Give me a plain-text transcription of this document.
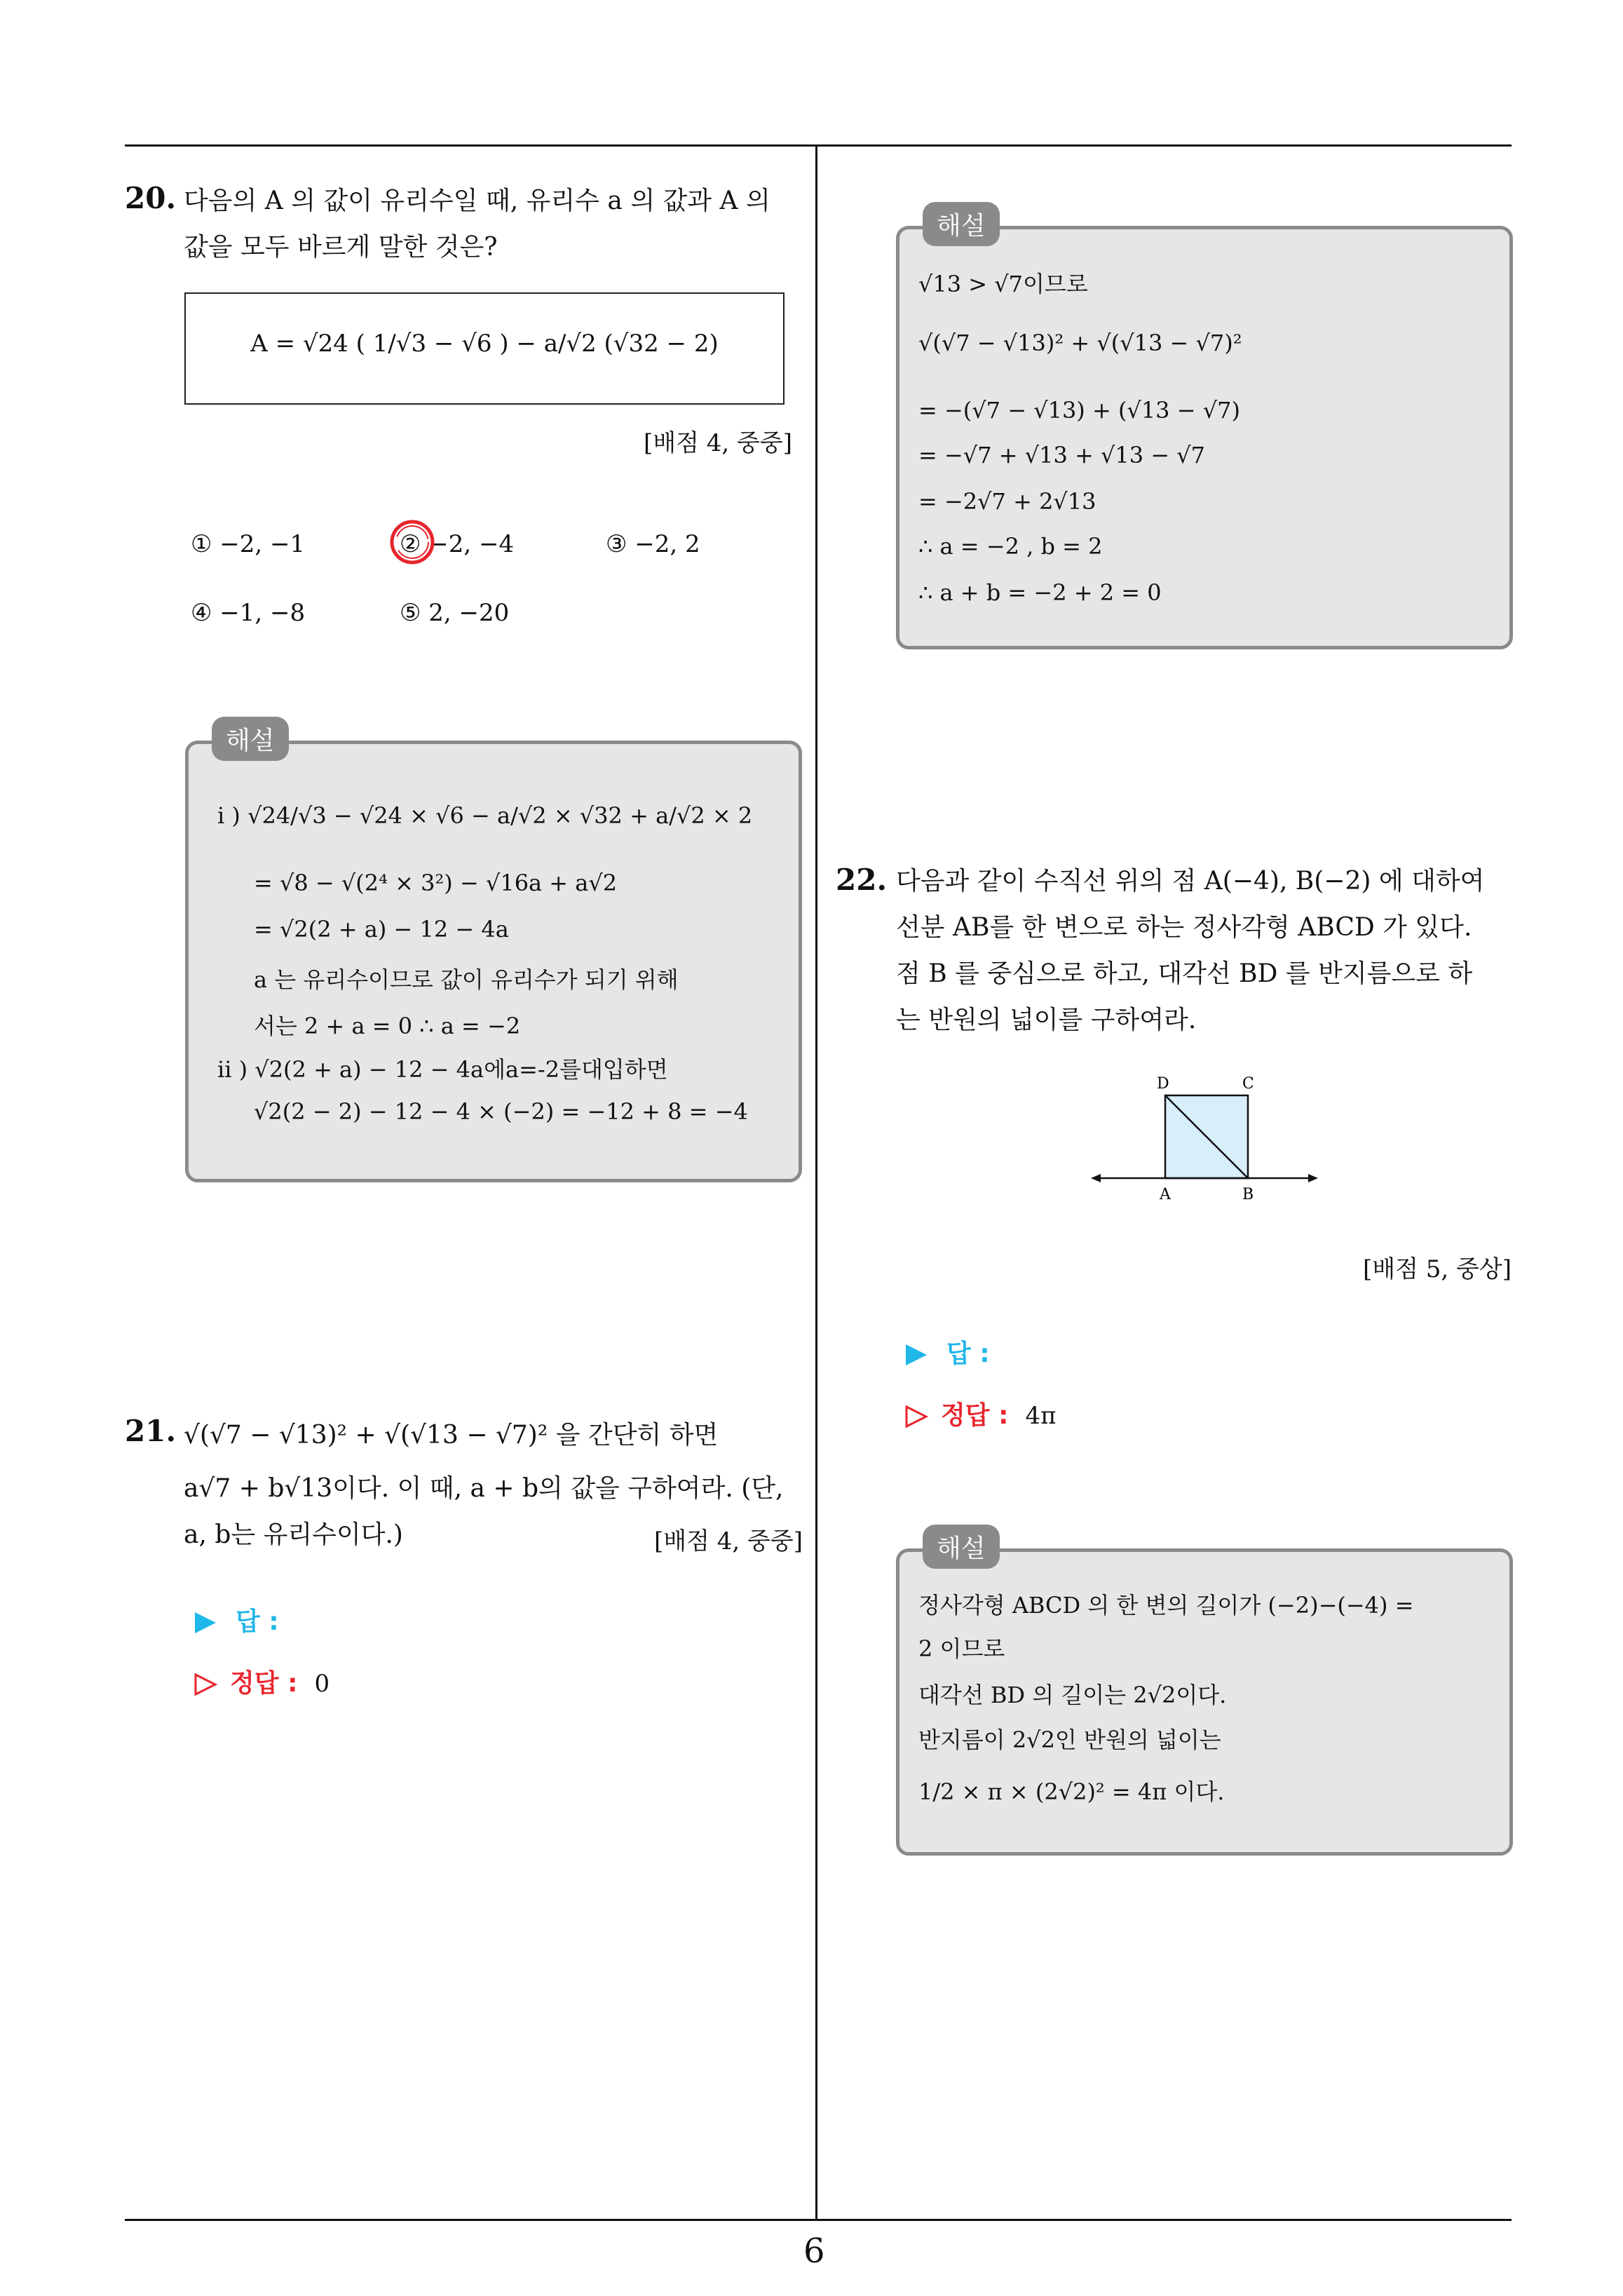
20. 다음의 A 의 값이 유리수일 때, 유리수 a 의 값과 A 의
값을 모두 바르게 말한 것은?
A = √24 ( 1/√3 − √6 ) − a/√2 (√32 − 2)
[배점 4, 중중]
① −2, −1	② −2, −4	③ −2, 2
④ −1, −8	⑤ 2, −20
해설
i ) √24/√3 − √24 × √6 − a/√2 × √32 + a/√2 × 2
= √8 − √(2⁴ × 3²) − √16a + a√2
= √2(2 + a) − 12 − 4a
a 는 유리수이므로 값이 유리수가 되기 위해
서는 2 + a = 0 ∴ a = −2
ii ) √2(2 + a) − 12 − 4a에a=-2를대입하면
√2(2 − 2) − 12 − 4 × (−2) = −12 + 8 = −4
21. √(√7 − √13)² + √(√13 − √7)² 을 간단히 하면
a√7 + b√13이다. 이 때, a + b의 값을 구하여라. (단,
a, b는 유리수이다.)	[배점 4, 중중]
답 :
정답 : 0
해설
√13 > √7이므로
√(√7 − √13)² + √(√13 − √7)²
= −(√7 − √13) + (√13 − √7)
= −√7 + √13 + √13 − √7
= −2√7 + 2√13
∴ a = −2 , b = 2
∴ a + b = −2 + 2 = 0
22. 다음과 같이 수직선 위의 점 A(−4), B(−2) 에 대하여
선분 AB를 한 변으로 하는 정사각형 ABCD 가 있다.
점 B 를 중심으로 하고, 대각선 BD 를 반지름으로 하
는 반원의 넓이를 구하여라.
D	C
A	B
[배점 5, 중상]
답 :
정답 : 4π
해설
정사각형 ABCD 의 한 변의 길이가 (−2)−(−4) =
2 이므로
대각선 BD 의 길이는 2√2이다.
반지름이 2√2인 반원의 넓이는
1/2 × π × (2√2)² = 4π 이다.
6
